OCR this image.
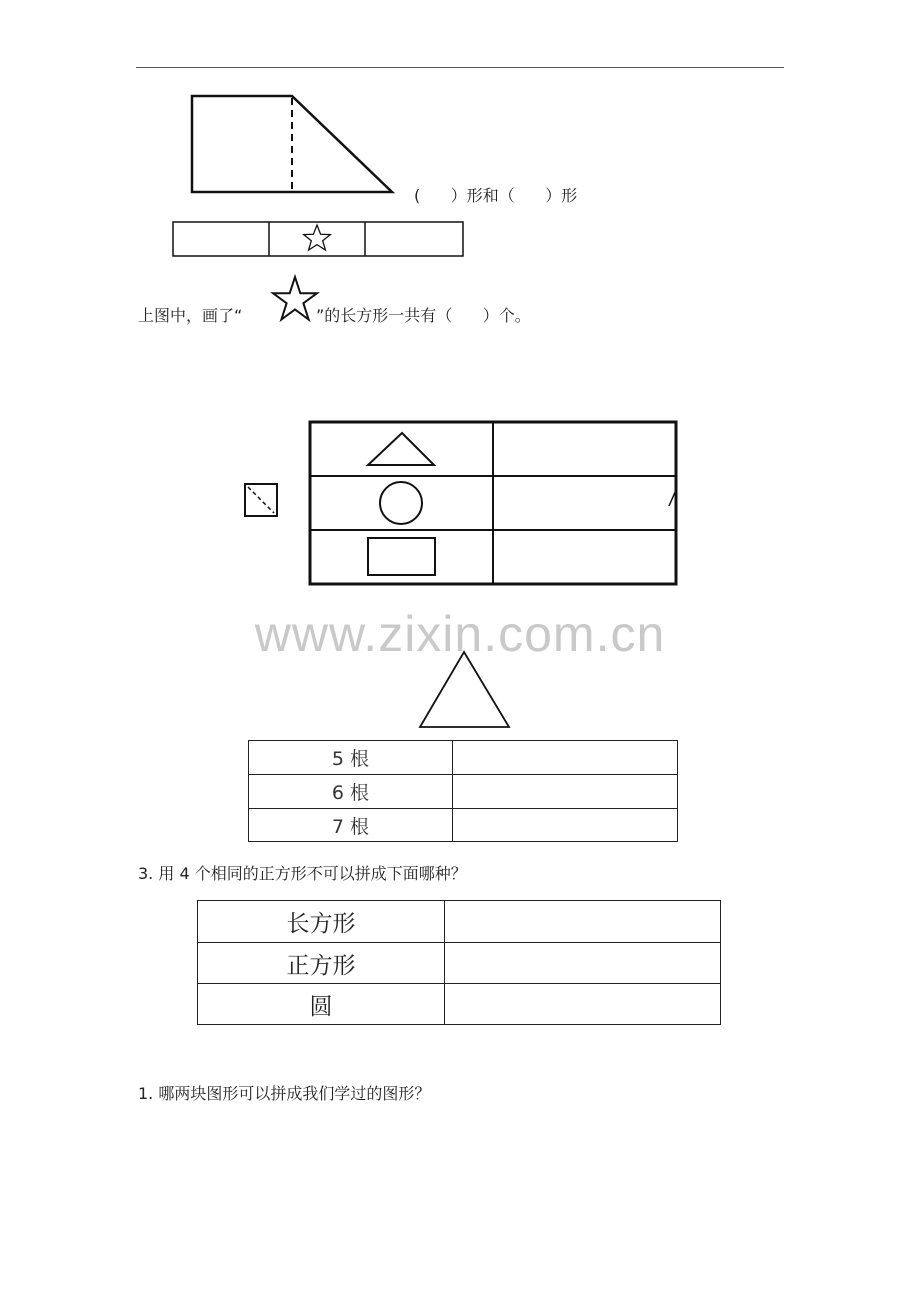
(      ）形和（      ）形
上图中，画了“	”的长方形一共有（      ）个。
www.zixin.com.cn
5 根	
6 根	
7 根	
3. 用 4 个相同的正方形不可以拼成下面哪种？
长方形	
正方形	
圆	
1. 哪两块图形可以拼成我们学过的图形？
